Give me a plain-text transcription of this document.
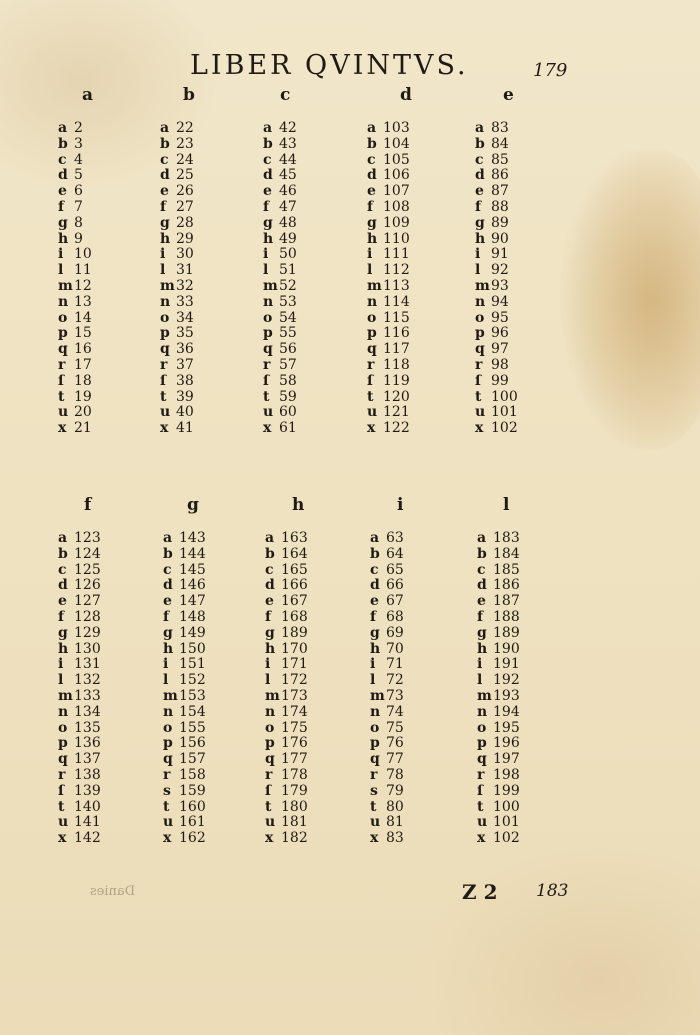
LIBER QVINTVS.	179
a
a 2
b 3
c 4
d 5
e 6
f 7
g 8
h 9
i 10
l 11
m12
n 13
o 14
p 15
q 16
r 17
ſ 18
t 19
u 20
x 21
b
a 22
b 23
c 24
d 25
e 26
f 27
g 28
h 29
i 30
l 31
m32
n 33
o 34
p 35
q 36
r 37
ſ 38
t 39
u 40
x 41
c
a 42
b 43
c 44
d 45
e 46
f 47
g 48
h 49
i 50
l 51
m52
n 53
o 54
p 55
q 56
r 57
ſ 58
t 59
u 60
x 61
d
a 103
b 104
c 105
d 106
e 107
f 108
g 109
h 110
i 111
l 112
m113
n 114
o 115
p 116
q 117
r 118
ſ 119
t 120
u 121
x 122
e
a 83
b 84
c 85
d 86
e 87
f 88
g 89
h 90
i 91
l 92
m93
n 94
o 95
p 96
q 97
r 98
ſ 99
t 100
u 101
x 102
f
a 123
b 124
c 125
d 126
e 127
f 128
g 129
h 130
i 131
l 132
m133
n 134
o 135
p 136
q 137
r 138
ſ 139
t 140
u 141
x 142
g
a 143
b 144
c 145
d 146
e 147
f 148
g 149
h 150
i 151
l 152
m153
n 154
o 155
p 156
q 157
r 158
s 159
t 160
u 161
x 162
h
a 163
b 164
c 165
d 166
e 167
f 168
g 189
h 170
i 171
l 172
m173
n 174
o 175
p 176
q 177
r 178
ſ 179
t 180
u 181
x 182
i
a 63
b 64
c 65
d 66
e 67
f 68
g 69
h 70
i 71
l 72
m73
n 74
o 75
p 76
q 77
r 78
s 79
t 80
u 81
x 83
l
a 183
b 184
c 185
d 186
e 187
f 188
g 189
h 190
i 191
l 192
m193
n 194
o 195
p 196
q 197
r 198
ſ 199
t 100
u 101
x 102
Danies	Z 2 183
